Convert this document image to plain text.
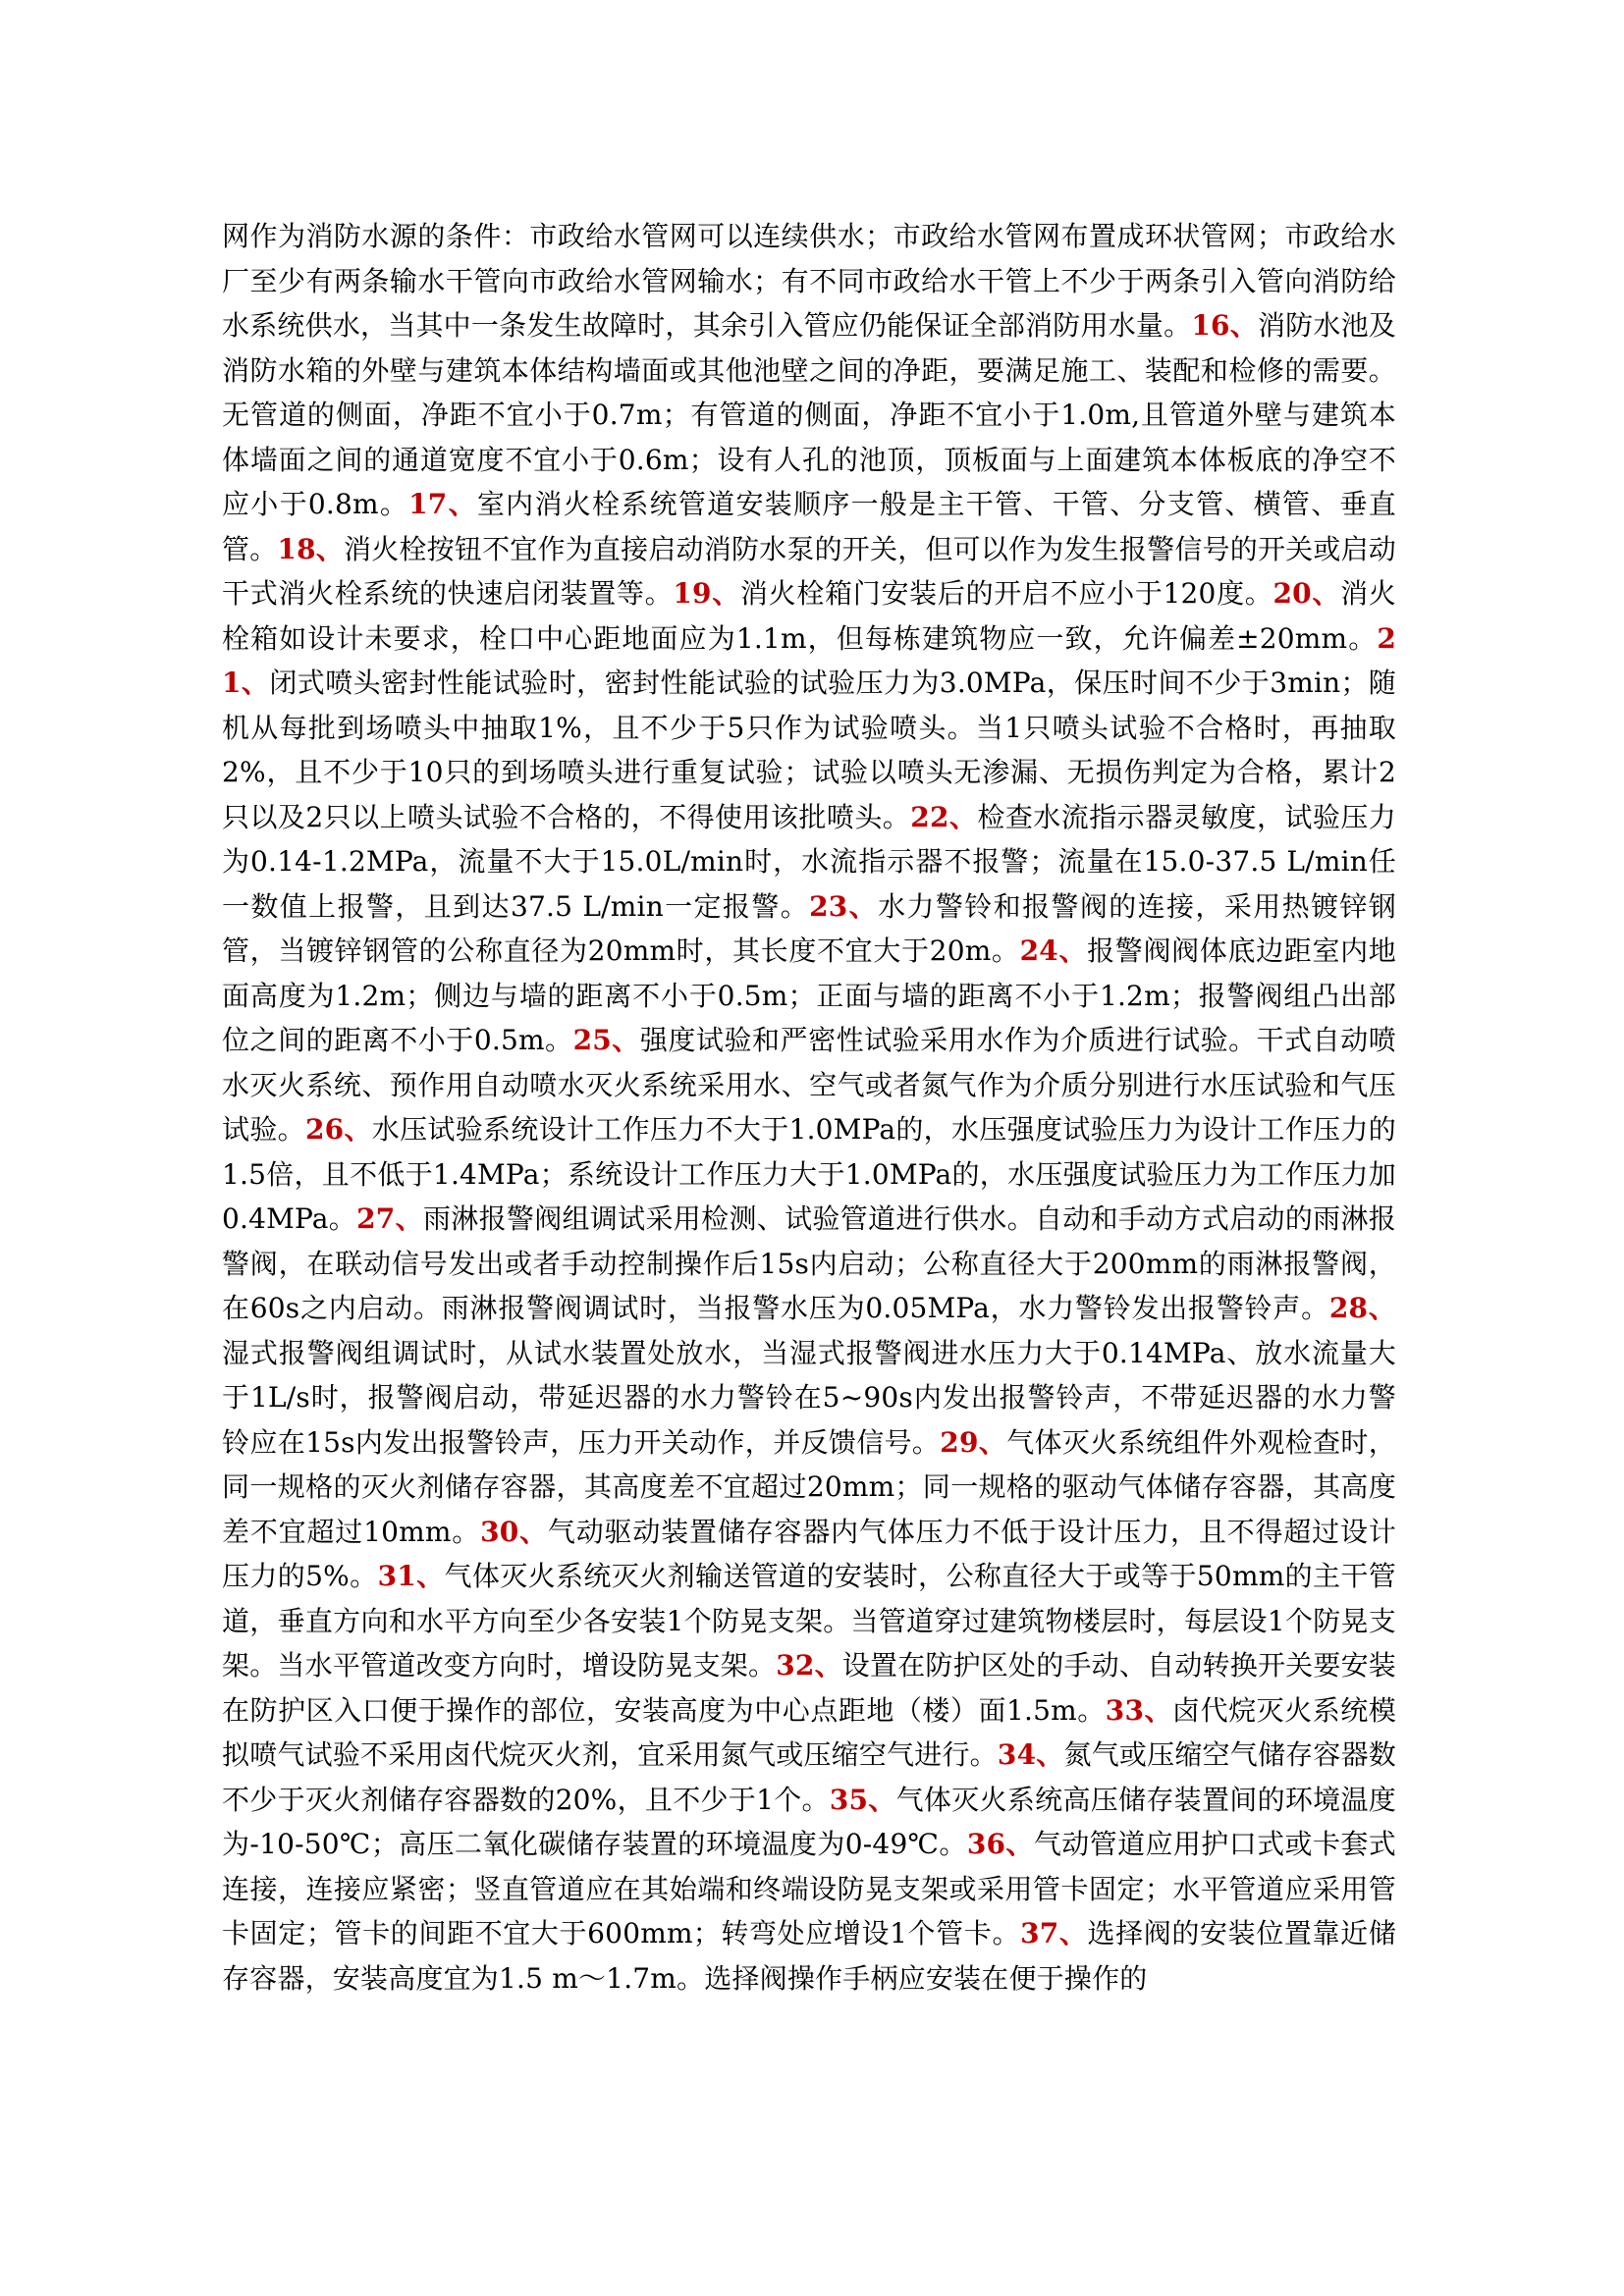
网作为消防水源的条件：市政给水管网可以连续供水；市政给水管网布置成环状管网；市政给水厂至少有两条输水干管向市政给水管网输水；有不同市政给水干管上不少于两条引入管向消防给水系统供水，当其中一条发生故障时，其余引入管应仍能保证全部消防用水量。16、消防水池及消防水箱的外壁与建筑本体结构墙面或其他池壁之间的净距，要满足施工、装配和检修的需要。无管道的侧面，净距不宜小于0.7m；有管道的侧面，净距不宜小于1.0m,且管道外壁与建筑本体墙面之间的通道宽度不宜小于0.6m；设有人孔的池顶，顶板面与上面建筑本体板底的净空不应小于0.8m。17、室内消火栓系统管道安装顺序一般是主干管、干管、分支管、横管、垂直管。18、消火栓按钮不宜作为直接启动消防水泵的开关，但可以作为发生报警信号的开关或启动干式消火栓系统的快速启闭装置等。19、消火栓箱门安装后的开启不应小于120度。20、消火栓箱如设计未要求，栓口中心距地面应为1.1m，但每栋建筑物应一致，允许偏差±20mm。21、闭式喷头密封性能试验时，密封性能试验的试验压力为3.0MPa，保压时间不少于3min；随机从每批到场喷头中抽取1%，且不少于5只作为试验喷头。当1只喷头试验不合格时，再抽取2%，且不少于10只的到场喷头进行重复试验；试验以喷头无渗漏、无损伤判定为合格，累计2只以及2只以上喷头试验不合格的，不得使用该批喷头。22、检查水流指示器灵敏度，试验压力为0.14-1.2MPa，流量不大于15.0L/min时，水流指示器不报警；流量在15.0-37.5 L/min任一数值上报警，且到达37.5 L/min一定报警。23、水力警铃和报警阀的连接，采用热镀锌钢管，当镀锌钢管的公称直径为20mm时，其长度不宜大于20m。24、报警阀阀体底边距室内地面高度为1.2m；侧边与墙的距离不小于0.5m；正面与墙的距离不小于1.2m；报警阀组凸出部位之间的距离不小于0.5m。25、强度试验和严密性试验采用水作为介质进行试验。干式自动喷水灭火系统、预作用自动喷水灭火系统采用水、空气或者氮气作为介质分别进行水压试验和气压试验。26、水压试验系统设计工作压力不大于1.0MPa的，水压强度试验压力为设计工作压力的1.5倍，且不低于1.4MPa；系统设计工作压力大于1.0MPa的，水压强度试验压力为工作压力加0.4MPa。27、雨淋报警阀组调试采用检测、试验管道进行供水。自动和手动方式启动的雨淋报警阀，在联动信号发出或者手动控制操作后15s内启动；公称直径大于200mm的雨淋报警阀，在60s之内启动。雨淋报警阀调试时，当报警水压为0.05MPa，水力警铃发出报警铃声。28、湿式报警阀组调试时，从试水装置处放水，当湿式报警阀进水压力大于0.14MPa、放水流量大于1L/s时，报警阀启动，带延迟器的水力警铃在5~90s内发出报警铃声，不带延迟器的水力警铃应在15s内发出报警铃声，压力开关动作，并反馈信号。29、气体灭火系统组件外观检查时，同一规格的灭火剂储存容器，其高度差不宜超过20mm；同一规格的驱动气体储存容器，其高度差不宜超过10mm。30、气动驱动装置储存容器内气体压力不低于设计压力，且不得超过设计压力的5%。31、气体灭火系统灭火剂输送管道的安装时，公称直径大于或等于50mm的主干管道，垂直方向和水平方向至少各安装1个防晃支架。当管道穿过建筑物楼层时，每层设1个防晃支架。当水平管道改变方向时，增设防晃支架。32、设置在防护区处的手动、自动转换开关要安装在防护区入口便于操作的部位，安装高度为中心点距地（楼）面1.5m。33、卤代烷灭火系统模拟喷气试验不采用卤代烷灭火剂，宜采用氮气或压缩空气进行。34、氮气或压缩空气储存容器数不少于灭火剂储存容器数的20%，且不少于1个。35、气体灭火系统高压储存装置间的环境温度为-10-50℃；高压二氧化碳储存装置的环境温度为0-49℃。36、气动管道应用护口式或卡套式连接，连接应紧密；竖直管道应在其始端和终端设防晃支架或采用管卡固定；水平管道应采用管卡固定；管卡的间距不宜大于600mm；转弯处应增设1个管卡。37、选择阀的安装位置靠近储存容器，安装高度宜为1.5 m～1.7m。选择阀操作手柄应安装在便于操作的
